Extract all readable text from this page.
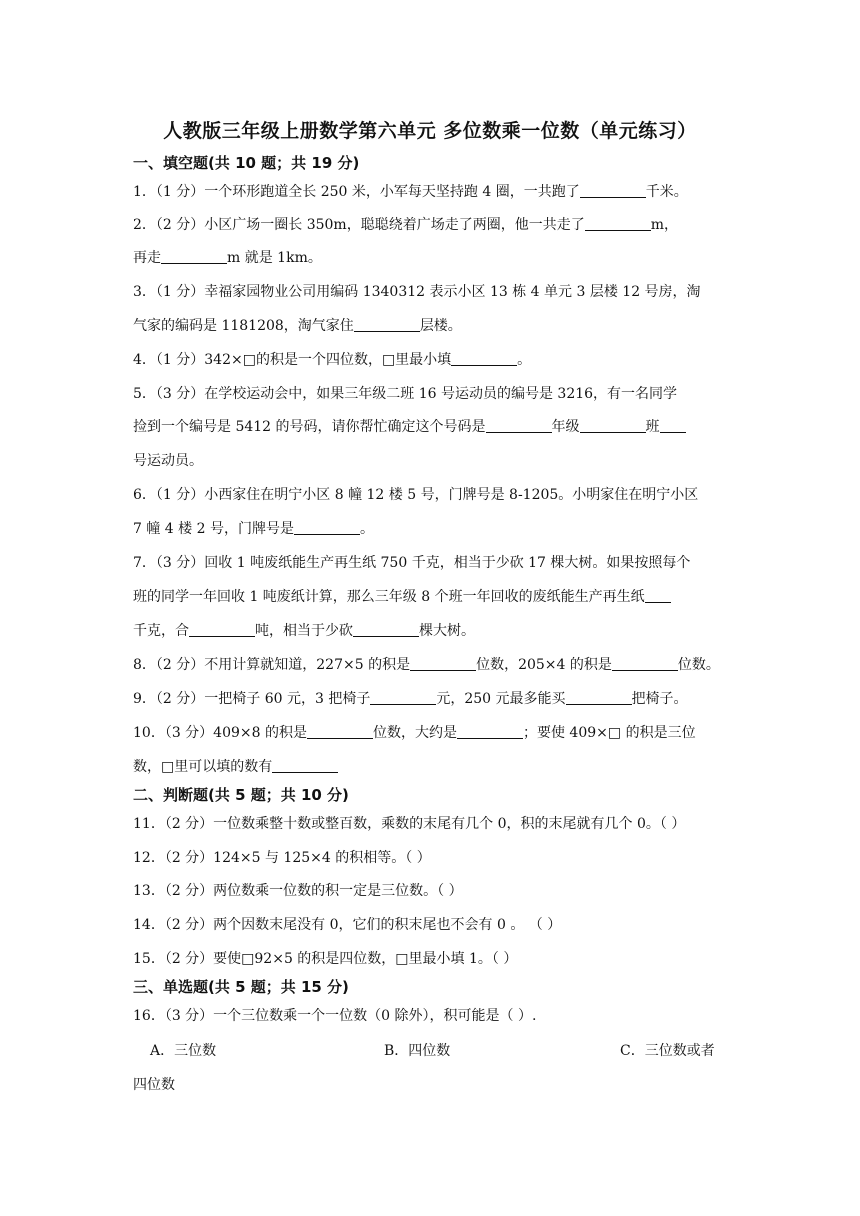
人教版三年级上册数学第六单元 多位数乘一位数（单元练习）
一、填空题(共 10 题；共 19 分)
1．（1 分）一个环形跑道全长 250 米，小军每天坚持跑 4 圈，一共跑了	千米。
2．（2 分）小区广场一圈长 350m，聪聪绕着广场走了两圈，他一共走了	m，
再走	m 就是 1km。
3．（1 分）幸福家园物业公司用编码 1340312 表示小区 13 栋 4 单元 3 层楼 12 号房，淘
气家的编码是 1181208，淘气家住	层楼。
4．（1 分）342×□的积是一个四位数，□里最小填	。
5．（3 分）在学校运动会中，如果三年级二班 16 号运动员的编号是 3216，有一名同学
捡到一个编号是 5412 的号码，请你帮忙确定这个号码是	年级	班
号运动员。
6．（1 分）小西家住在明宁小区 8 幢 12 楼 5 号，门牌号是 8-1205。小明家住在明宁小区
7 幢 4 楼 2 号，门牌号是	。
7．（3 分）回收 1 吨废纸能生产再生纸 750 千克，相当于少砍 17 棵大树。如果按照每个
班的同学一年回收 1 吨废纸计算，那么三年级 8 个班一年回收的废纸能生产再生纸
千克，合	吨，相当于少砍	棵大树。
8．（2 分）不用计算就知道，227×5 的积是	位数，205×4 的积是	位数。
9．（2 分）一把椅子 60 元，3 把椅子	元，250 元最多能买	把椅子。
10．（3 分）409×8 的积是	位数，大约是	；要使 409×□ 的积是三位
数，□里可以填的数有
二、判断题(共 5 题；共 10 分)
11．（2 分）一位数乘整十数或整百数，乘数的末尾有几个 0，积的末尾就有几个 0。（ ）
12．（2 分）124×5 与 125×4 的积相等。（ ）
13．（2 分）两位数乘一位数的积一定是三位数。（ ）
14．（2 分）两个因数末尾没有 0，它们的积末尾也不会有 0 。 （ ）
15．（2 分）要使□92×5 的积是四位数，□里最小填 1。（ ）
三、单选题(共 5 题；共 15 分)
16．（3 分）一个三位数乘一个一位数（0 除外），积可能是（ ）.
A．三位数	B．四位数	C．三位数或者
四位数
